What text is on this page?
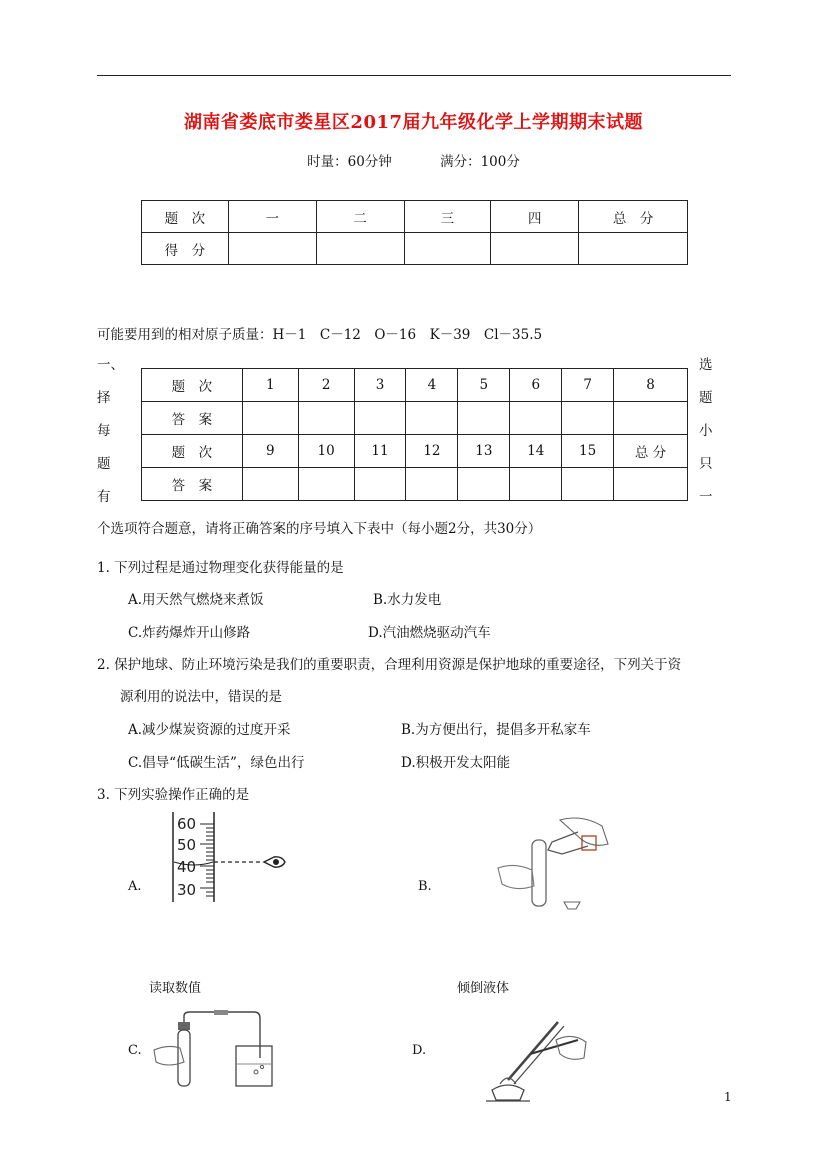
湖南省娄底市娄星区2017届九年级化学上学期期末试题
时量：60分钟	满分：100分
题　次	一	二	三	四	总　分
得　分					
可能要用到的相对原子质量：H－1　C－12　O－16　K－39　Cl－35.5
一、
择
每
题
有
选
题
小
只
一
题　次	1	2	3	4	5	6	7	8
答　案								
题　次	9	10	11	12	13	14	15	总 分
答　案								
个选项符合题意，请将正确答案的序号填入下表中（每小题2分，共30分）
1. 下列过程是通过物理变化获得能量的是
A.用天然气燃烧来煮饭	B.水力发电
C.炸药爆炸开山修路	D.汽油燃烧驱动汽车
2. 保护地球、防止环境污染是我们的重要职责，合理利用资源是保护地球的重要途径，下列关于资
源利用的说法中，错误的是
A.减少煤炭资源的过度开采	B.为方便出行，提倡多开私家车
C.倡导“低碳生活”，绿色出行	D.积极开发太阳能
3. 下列实验操作正确的是
A.
60
50
40
30	B.
读取数值	倾倒液体
C.	D.
1
